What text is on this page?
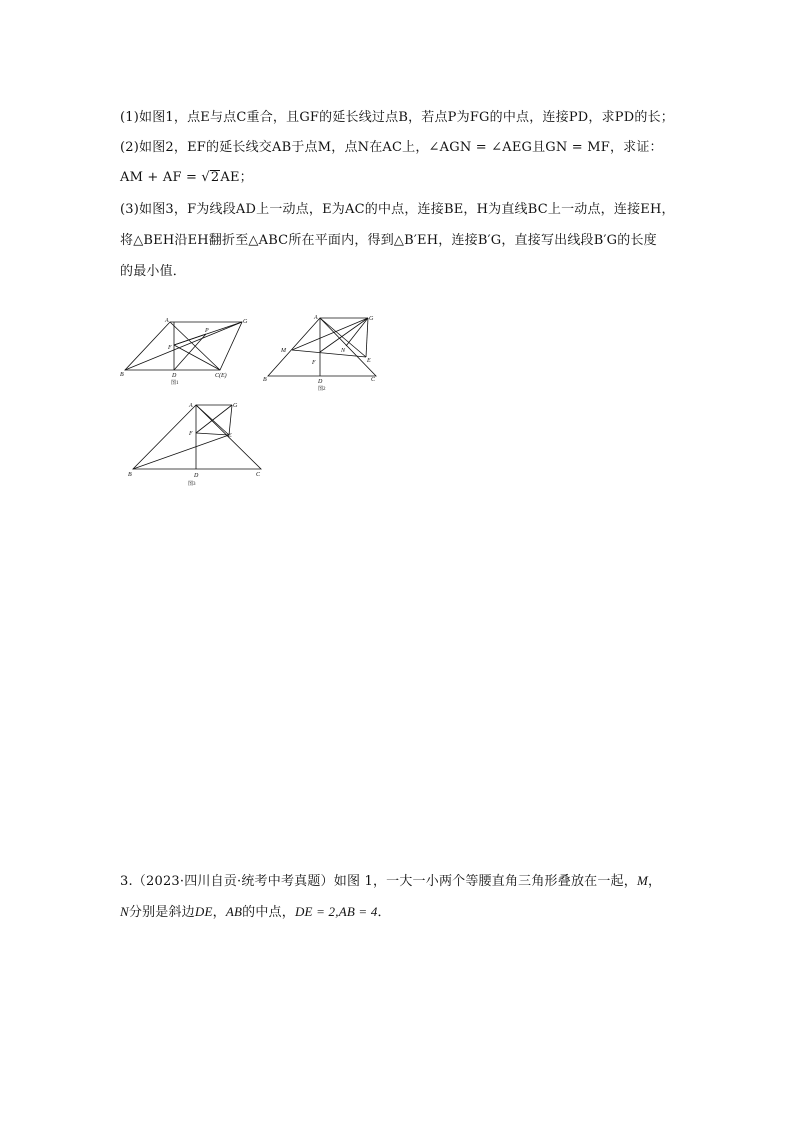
(1)如图1，点E与点C重合，且GF的延长线过点B，若点P为FG的中点，连接PD，求PD的长；
(2)如图2，EF的延长线交AB于点M，点N在AC上，∠AGN = ∠AEG且GN = MF，求证：
AM + AF = √2AE；
(3)如图3，F为线段AD上一动点，E为AC的中点，连接BE，H为直线BC上一动点，连接EH，
将△BEH沿EH翻折至△ABC所在平面内，得到△B′EH，连接B′G，直接写出线段B′G的长度
的最小值．
A	G
P
F
B	D	C(E)
图1
A	G
M	N
F	E
B	D	C
图2
A	G
F	E
B	D	C
图3
3.（2023·四川自贡·统考中考真题）如图 1，一大一小两个等腰直角三角形叠放在一起，M，
N分别是斜边DE，AB的中点，DE = 2,AB = 4．
